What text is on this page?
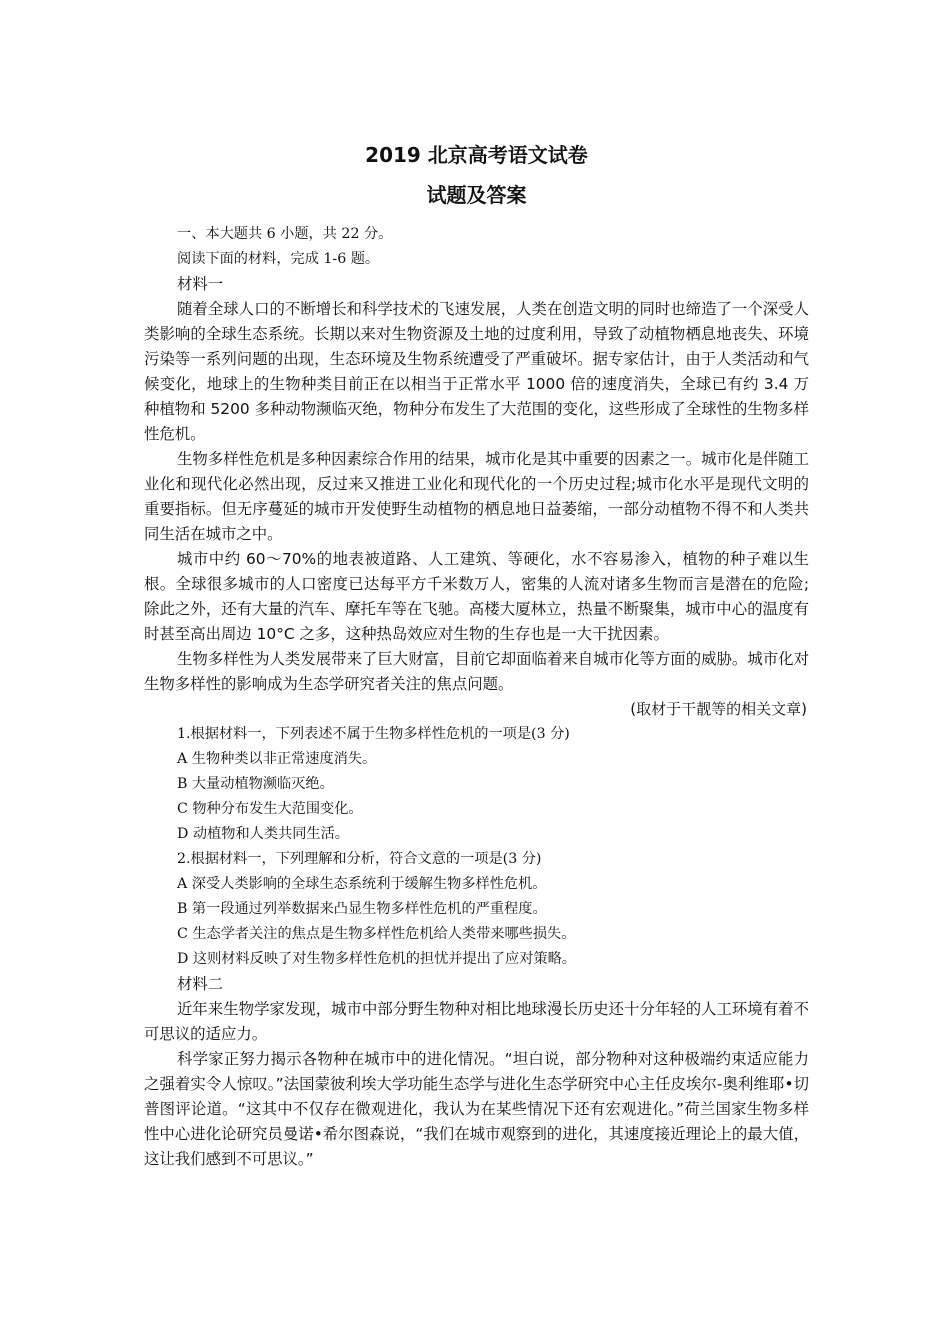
2019 北京高考语文试卷
试题及答案

一、本大题共 6 小题，共 22 分。

阅读下面的材料，完成 1-6 题。

材料一

随着全球人口的不断增长和科学技术的飞速发展，人类在创造文明的同时也缔造了一个深受人类影响的全球生态系统。长期以来对生物资源及土地的过度利用，导致了动植物栖息地丧失、环境污染等一系列问题的出现，生态环境及生物系统遭受了严重破坏。据专家估计，由于人类活动和气候变化，地球上的生物种类目前正在以相当于正常水平 1000 倍的速度消失，全球已有约 3.4 万种植物和 5200 多种动物濒临灭绝，物种分布发生了大范围的变化，这些形成了全球性的生物多样性危机。

生物多样性危机是多种因素综合作用的结果，城市化是其中重要的因素之一。城市化是伴随工业化和现代化必然出现，反过来又推进工业化和现代化的一个历史过程;城市化水平是现代文明的重要指标。但无序蔓延的城市开发使野生动植物的栖息地日益萎缩，一部分动植物不得不和人类共同生活在城市之中。

城市中约 60～70%的地表被道路、人工建筑、等硬化，水不容易渗入，植物的种子难以生根。全球很多城市的人口密度已达每平方千米数万人，密集的人流对诸多生物而言是潜在的危险;除此之外，还有大量的汽车、摩托车等在飞驰。高楼大厦林立，热量不断聚集，城市中心的温度有时甚至高出周边 10°C 之多，这种热岛效应对生物的生存也是一大干扰因素。

生物多样性为人类发展带来了巨大财富，目前它却面临着来自城市化等方面的威胁。城市化对生物多样性的影响成为生态学研究者关注的焦点问题。

(取材于干靓等的相关文章)

1.根据材料一，下列表述不属于生物多样性危机的一项是(3 分)

A 生物种类以非正常速度消失。

B 大量动植物濒临灭绝。

C 物种分布发生大范围变化。

D 动植物和人类共同生活。

2.根据材料一，下列理解和分析，符合文意的一项是(3 分)

A 深受人类影响的全球生态系统利于缓解生物多样性危机。

B 第一段通过列举数据来凸显生物多样性危机的严重程度。

C 生态学者关注的焦点是生物多样性危机给人类带来哪些损失。

D 这则材料反映了对生物多样性危机的担忧并提出了应对策略。

材料二

近年来生物学家发现，城市中部分野生物种对相比地球漫长历史还十分年轻的人工环境有着不可思议的适应力。

科学家正努力揭示各物种在城市中的进化情况。“坦白说，部分物种对这种极端约束适应能力之强着实令人惊叹。”法国蒙彼利埃大学功能生态学与进化生态学研究中心主任皮埃尔-奥利维耶•切普图评论道。“这其中不仅存在微观进化，我认为在某些情况下还有宏观进化。”荷兰国家生物多样性中心进化论研究员曼诺•希尔图森说，“我们在城市观察到的进化，其速度接近理论上的最大值，这让我们感到不可思议。”
